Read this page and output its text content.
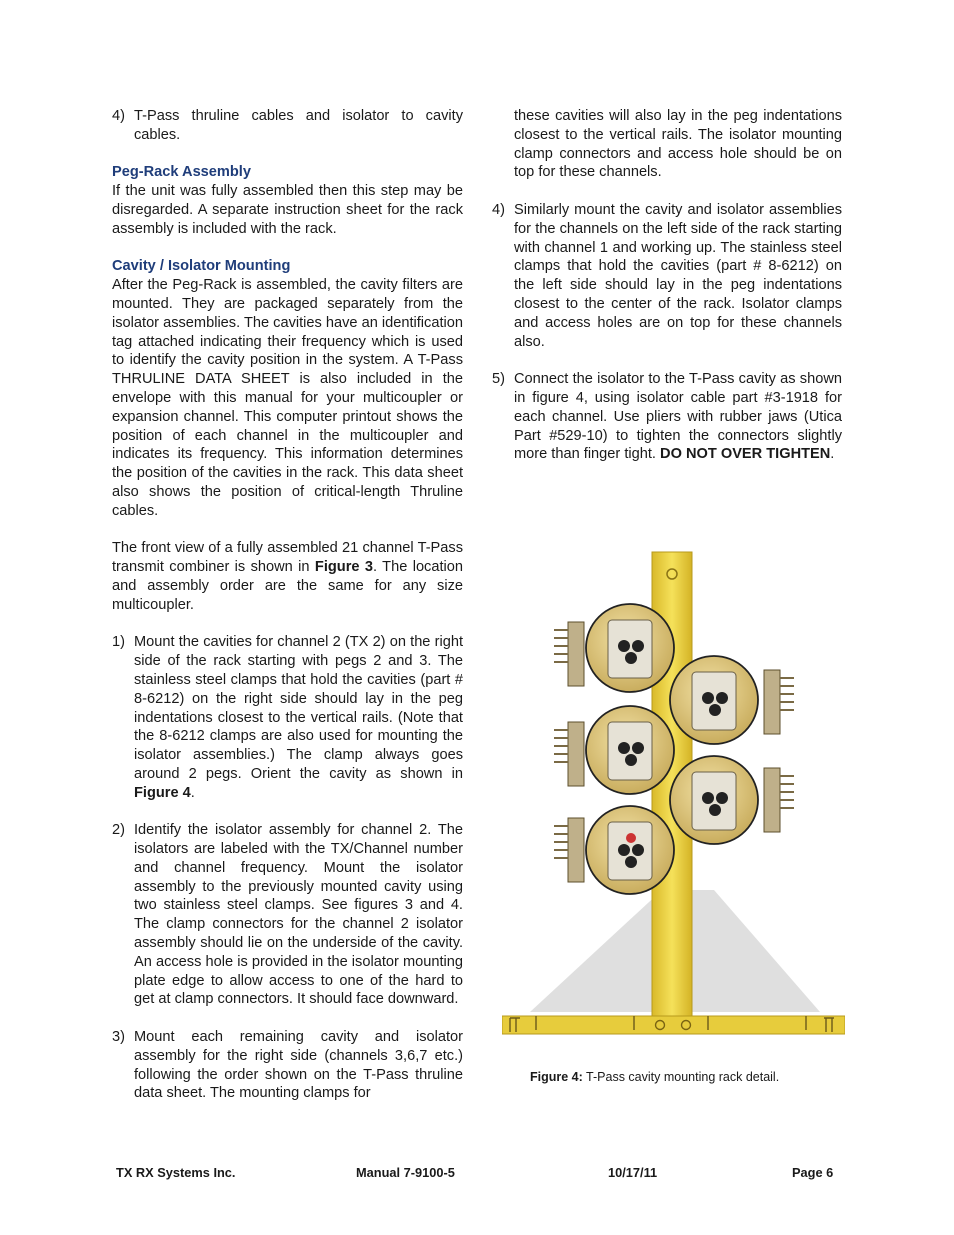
4) T-Pass thruline cables and isolator to cavity cables.
Peg-Rack Assembly

If the unit was fully assembled then this step may be disregarded. A separate instruction sheet for the rack assembly is included with the rack.

Cavity / Isolator Mounting

After the Peg-Rack is assembled, the cavity filters are mounted. They are packaged separately from the isolator assemblies. The cavities have an identification tag attached indicating their frequency which is used to identify the cavity position in the system. A T-Pass THRULINE DATA SHEET is also included in the envelope with this manual for your multicoupler or expansion channel. This computer printout shows the position of each channel in the multicoupler and indicates its frequency. This information determines the position of the cavities in the rack. This data sheet also shows the position of critical-length Thruline cables.

The front view of a fully assembled 21 channel T-Pass transmit combiner is shown in Figure 3. The location and assembly order are the same for any size multicoupler.

1) Mount the cavities for channel 2 (TX 2) on the right side of the rack starting with pegs 2 and 3. The stainless steel clamps that hold the cavities (part # 8-6212) on the right side should lay in the peg indentations closest to the vertical rails. (Note that the 8-6212 clamps are also used for mounting the isolator assemblies.) The clamp always goes around 2 pegs. Orient the cavity as shown in Figure 4.
2) Identify the isolator assembly for channel 2. The isolators are labeled with the TX/Channel number and channel frequency. Mount the isolator assembly to the previously mounted cavity using two stainless steel clamps. See figures 3 and 4. The clamp connectors for the channel 2 isolator assembly should lie on the underside of the cavity. An access hole is provided in the isolator mounting plate edge to allow access to one of the hard to get at clamp connectors. It should face downward.
3) Mount each remaining cavity and isolator assembly for the right side (channels 3,6,7 etc.) following the order shown on the T-Pass thruline data sheet. The mounting clamps for

these cavities will also lay in the peg indentations closest to the vertical rails. The isolator mounting clamp connectors and access hole should be on top for these channels.

4) Similarly mount the cavity and isolator assemblies for the channels on the left side of the rack starting with channel 1 and working up. The stainless steel clamps that hold the cavities (part # 8-6212) on the left side should lay in the peg indentations closest to the center of the rack. Isolator clamps and access holes are on top for these channels also.
5) Connect the isolator to the T-Pass cavity as shown in figure 4, using isolator cable part #3-1918 for each channel. Use pliers with rubber jaws (Utica Part #529-10) to tighten the connectors slightly more than finger tight. DO NOT OVER TIGHTEN.
Figure 4: T-Pass cavity mounting rack detail.
TX RX Systems Inc.	Manual 7-9100-5	10/17/11	Page 6
